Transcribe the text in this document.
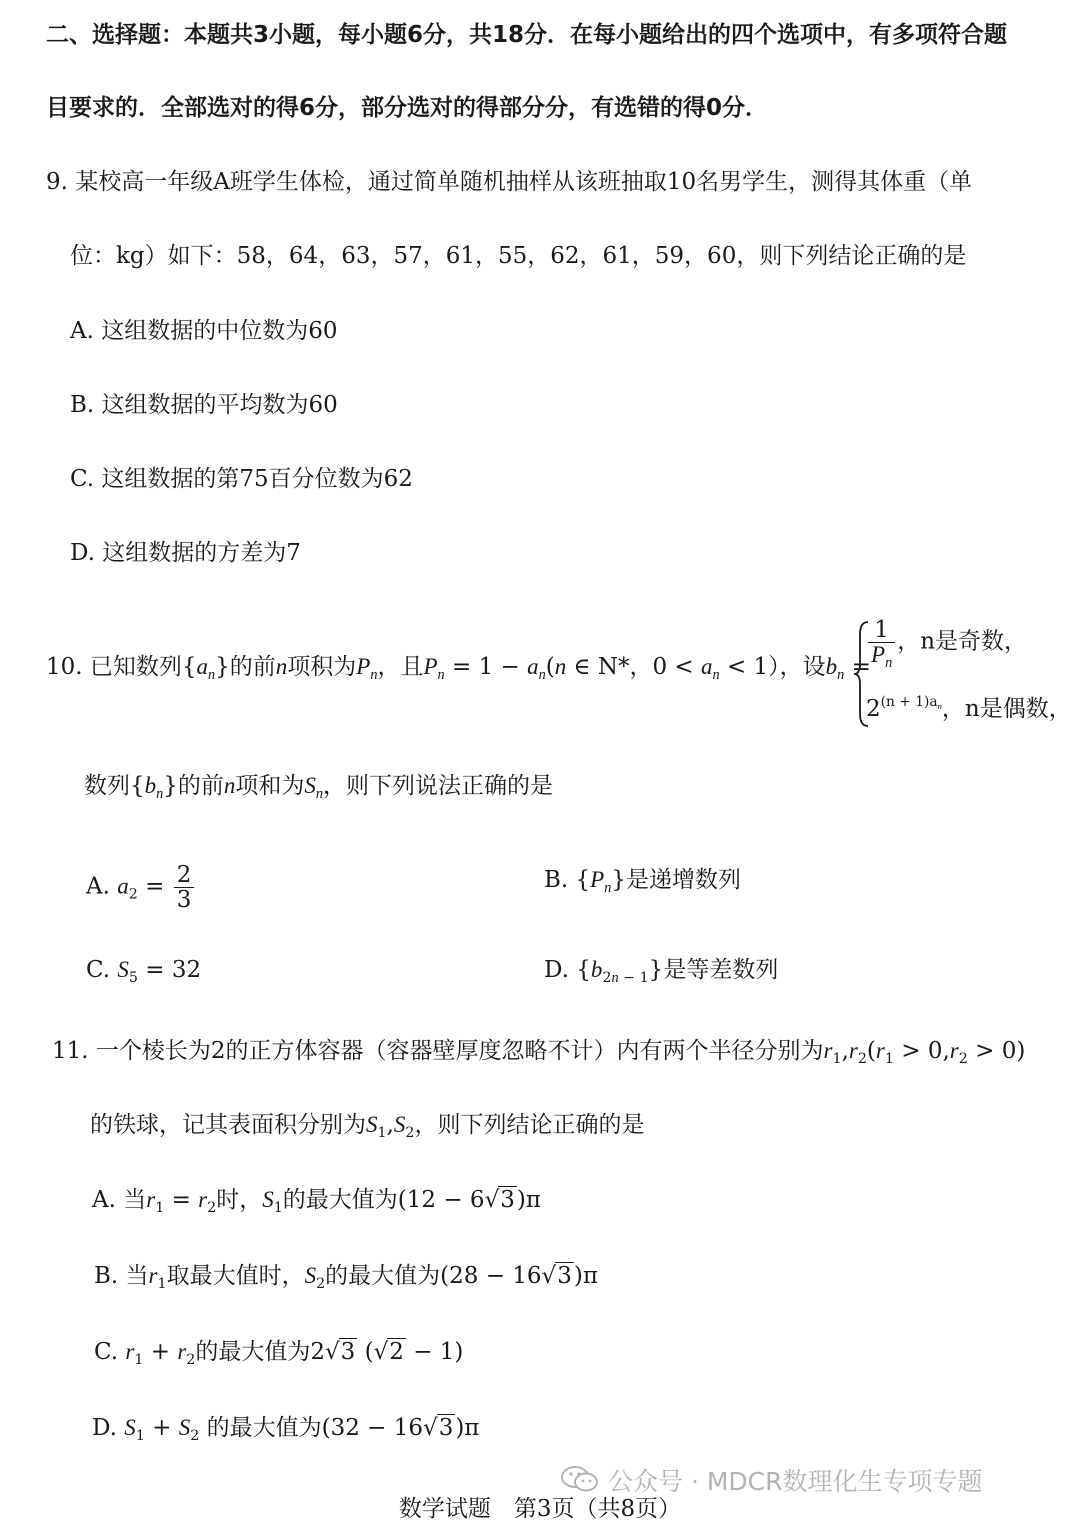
二、选择题：本题共3小题，每小题6分，共18分．在每小题给出的四个选项中，有多项符合题
目要求的．全部选对的得6分，部分选对的得部分分，有选错的得0分．
9. 某校高一年级A班学生体检，通过简单随机抽样从该班抽取10名男学生，测得其体重（单
位：kg）如下：58，64，63，57，61，55，62，61，59，60，则下列结论正确的是
A. 这组数据的中位数为60
B. 这组数据的平均数为60
C. 这组数据的第75百分位数为62
D. 这组数据的方差为7
10. 已知数列$\{a_n\}$的前n项积为$P_n$，且$P_n = 1 - a_n(n$ ∈ N*，$0 < a_n < 1$），设$b_n$ =
$\frac{1}{P_n}$ ，n是奇数，
$2^{(n + 1)a_n}$，n是偶数，
数列$\{b_n\}$的前n项和为$S_n$，则下列说法正确的是
A. $a_2 = \frac{2}{3}$	B. $\{P_n\}$是递增数列
C. $S_5 = 32$	D. $\{b_{2n - 1}\}$是等差数列
11. 一个棱长为2的正方体容器（容器壁厚度忽略不计）内有两个半径分别为$r_1,r_2(r_1 > 0,r_2 > 0)$
的铁球，记其表面积分别为$S_1,S_2$，则下列结论正确的是
A. 当$r_1 = r_2$时，$S_1$的最大值为(12 − 6√3)π
B. 当$r_1$取最大值时，$S_2$的最大值为(28 − 16√3)π
C. $r_1 + r_2$的最大值为2√3 (√2 − 1)
D. $S_1 + S_2$ 的最大值为(32 − 16√3)π
公众号 · MDCR数理化生专项专题
数学试题　第3页（共8页）
